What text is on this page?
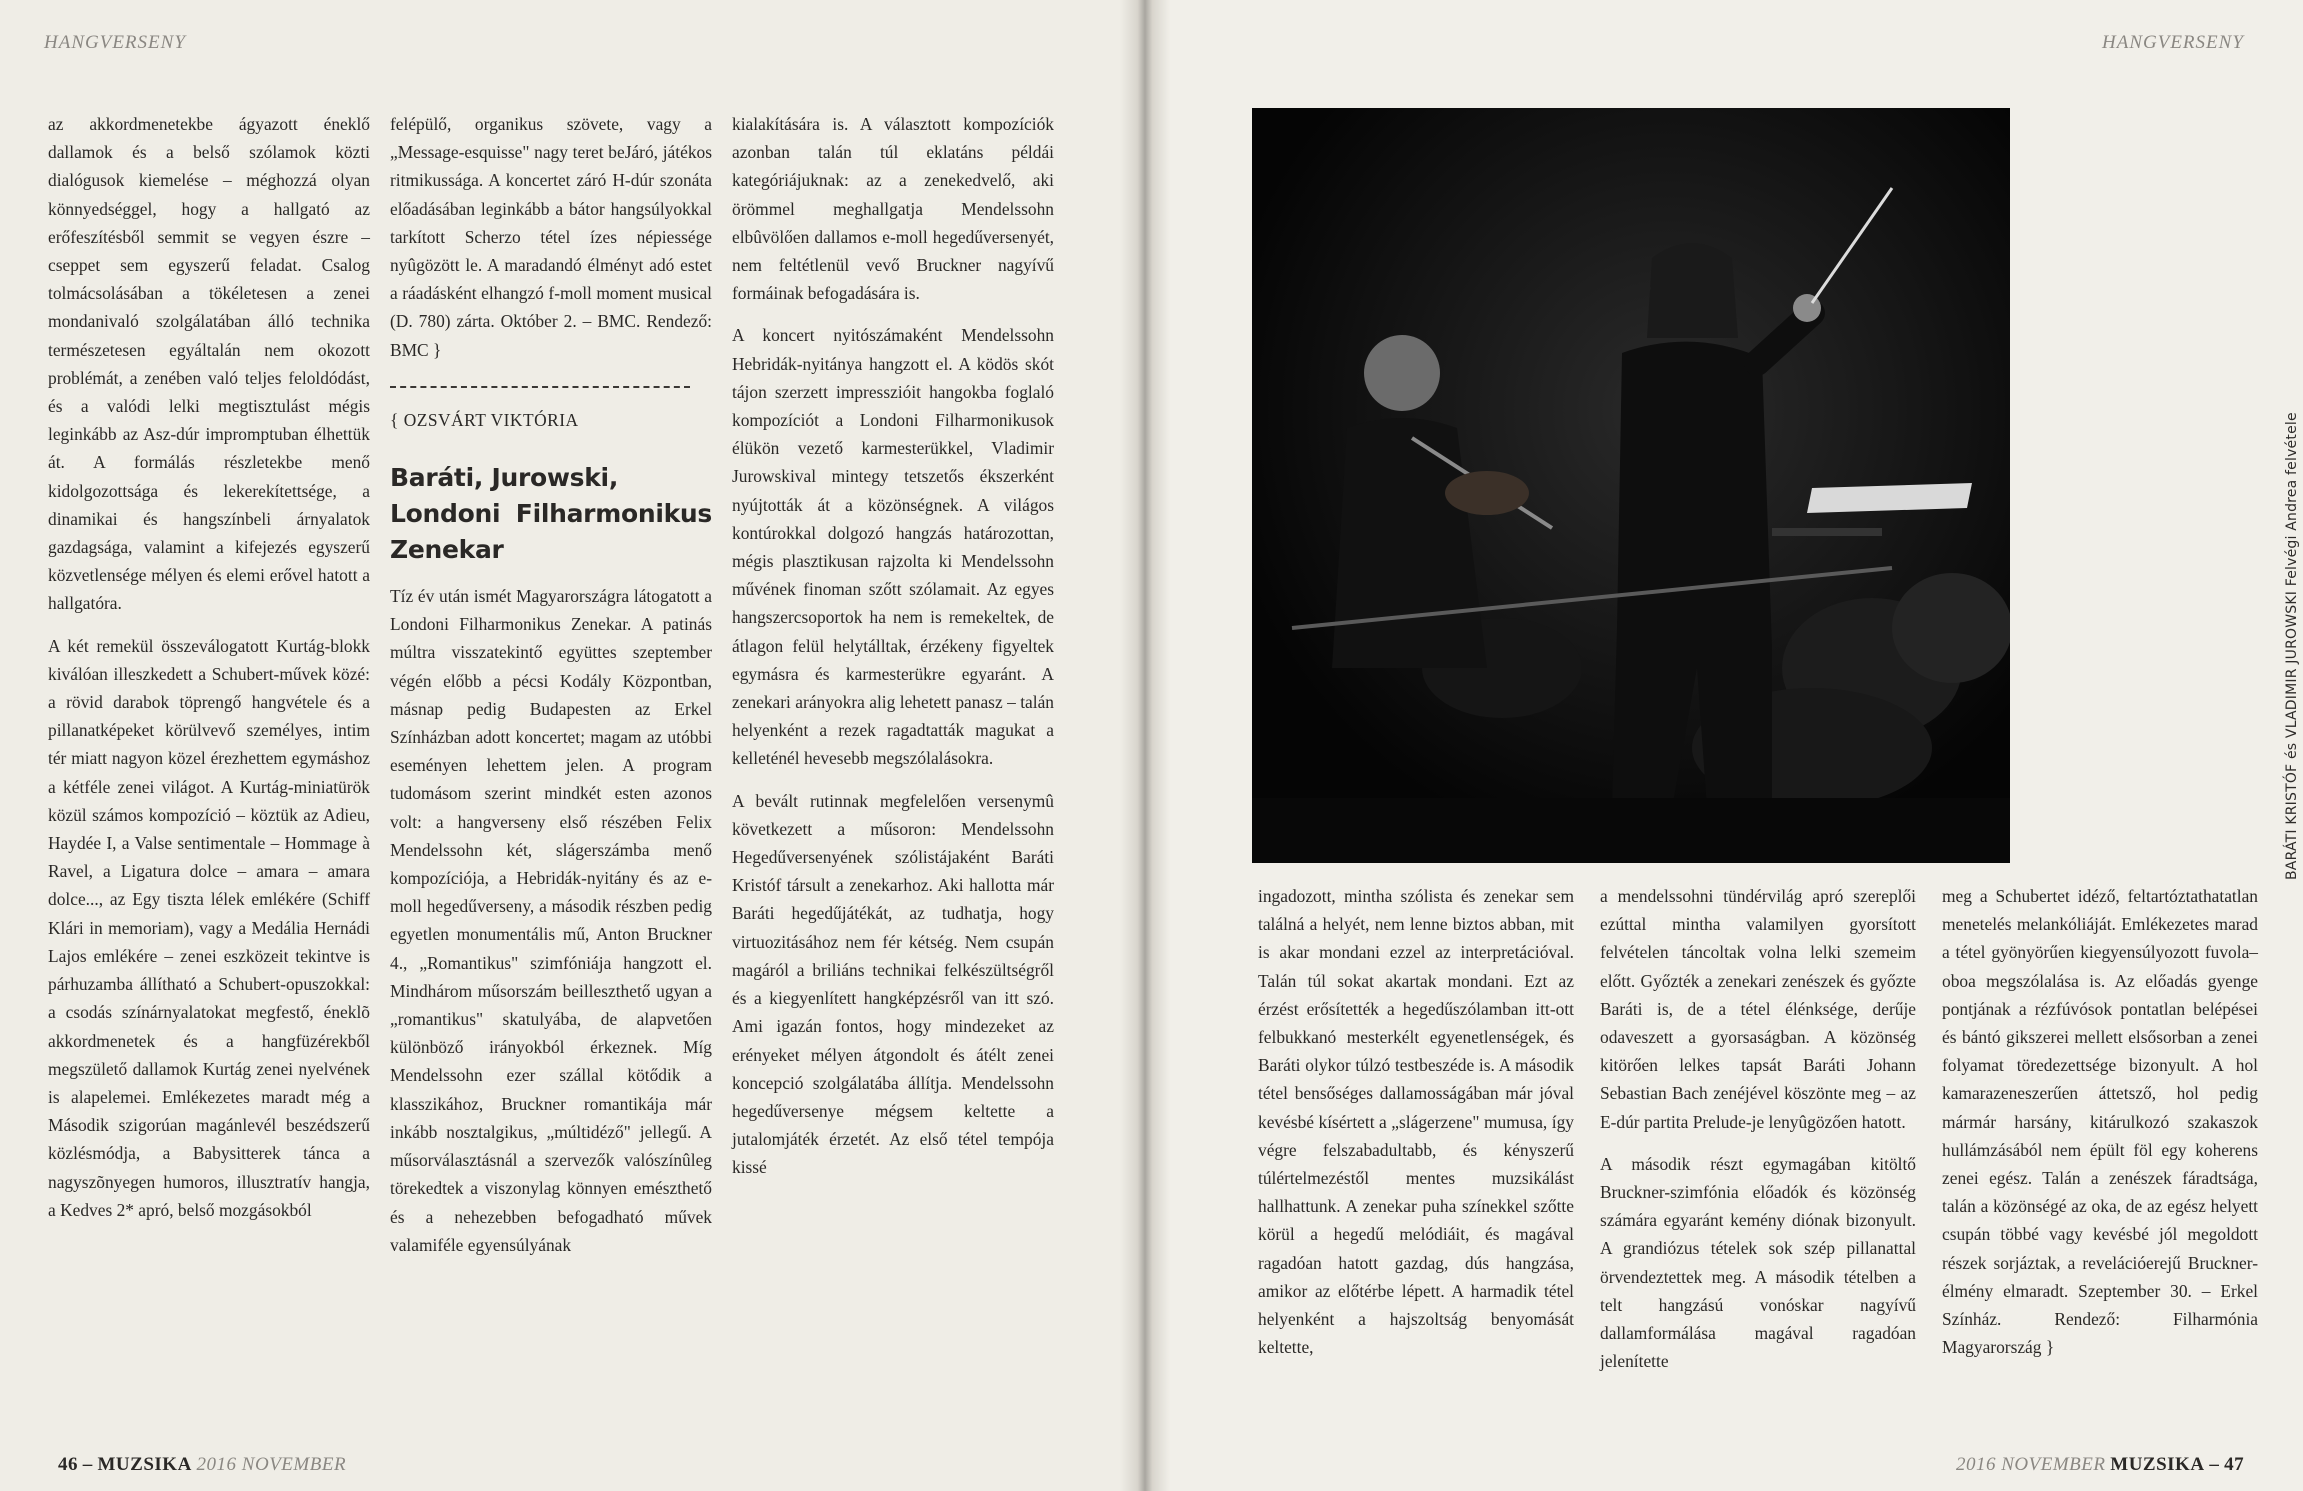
HANGVERSENY

az akkordmenetekbe ágyazott éneklő dallamok és a belső szólamok közti dialógusok kiemelése – méghozzá olyan könnyedséggel, hogy a hallgató az erőfeszítésből semmit se vegyen észre – cseppet sem egyszerű feladat. Csalog tolmácsolásában a tökéletesen a zenei mondanivaló szolgálatában álló technika természetesen egyáltalán nem okozott problémát, a zenében való teljes feloldódást, és a valódi lelki megtisztulást mégis leginkább az Asz-dúr impromptuban élhettük át. A formálás részletekbe menő kidolgozottsága és lekerekítettsége, a dinamikai és hangszínbeli árnyalatok gazdagsága, valamint a kifejezés egyszerű közvetlensége mélyen és elemi erővel hatott a hallgatóra.

A két remekül összeválogatott Kurtág-blokk kiválóan illeszkedett a Schubert-művek közé: a rövid darabok töprengő hangvétele és a pillanatképeket körülvevő személyes, intim tér miatt nagyon közel érezhettem egymáshoz a kétféle zenei világot. A Kurtág-miniatürök közül számos kompozíció – köztük az Adieu, Haydée I, a Valse sentimentale – Hommage à Ravel, a Ligatura dolce – amara – amara dolce..., az Egy tiszta lélek emlékére (Schiff Klári in memoriam), vagy a Medália Hernádi Lajos emlékére – zenei eszközeit tekintve is párhuzamba állítható a Schubert-opuszokkal: a csodás színárnyalatokat megfestő, éneklõ akkordmenetek és a hangfüzérekből megszülető dallamok Kurtág zenei nyelvének is alapelemei. Emlékezetes maradt még a Második szigorúan magánlevél beszédszerű közlésmódja, a Babysitterek tánca a nagyszõnyegen humoros, illusztratív hangja, a Kedves 2* apró, belső mozgásokból

felépülő, organikus szövete, vagy a „Message-esquisse" nagy teret beJáró, játékos ritmikussága. A koncertet záró H-dúr szonáta előadásában leginkább a bátor hangsúlyokkal tarkított Scherzo tétel ízes népiessége nyûgözött le. A maradandó élményt adó estet a ráadásként elhangzó f-moll moment musical (D. 780) zárta. Október 2. – BMC. Rendező: BMC }

{ OZSVÁRT VIKTÓRIA

Baráti, Jurowski,
Londoni Filharmonikus Zenekar

Tíz év után ismét Magyarországra látogatott a Londoni Filharmonikus Zenekar. A patinás múltra visszatekintő együttes szeptember végén előbb a pécsi Kodály Központban, másnap pedig Budapesten az Erkel Színházban adott koncertet; magam az utóbbi eseményen lehettem jelen. A program tudomásom szerint mindkét esten azonos volt: a hangverseny első részében Felix Mendelssohn két, slágerszámba menő kompozíciója, a Hebridák-nyitány és az e-moll hegedűverseny, a második részben pedig egyetlen monumentális mű, Anton Bruckner 4., „Romantikus" szimfóniája hangzott el. Mindhárom műsorszám beilleszthető ugyan a „romantikus" skatulyába, de alapvetően különböző irányokból érkeznek. Míg Mendelssohn ezer szállal kötődik a klasszikához, Bruckner romantikája már inkább nosztalgikus, „múltidéző" jellegű. A műsorválasztásnál a szervezők valószínûleg törekedtek a viszonylag könnyen emészthető és a nehezebben befogadható művek valamiféle egyensúlyának

kialakítására is. A választott kompozíciók azonban talán túl eklatáns példái kategóriájuknak: az a zenekedvelő, aki örömmel meghallgatja Mendelssohn elbûvölően dallamos e-moll hegedűversenyét, nem feltétlenül vevő Bruckner nagyívű formáinak befogadására is.

A koncert nyitószámaként Mendelssohn Hebridák-nyitánya hangzott el. A ködös skót tájon szerzett impresszióit hangokba foglaló kompozíciót a Londoni Filharmonikusok élükön vezető karmesterükkel, Vladimir Jurowskival mintegy tetszetős ékszerként nyújtották át a közönségnek. A világos kontúrokkal dolgozó hangzás határozottan, mégis plasztikusan rajzolta ki Mendelssohn művének finoman szőtt szólamait. Az egyes hangszercsoportok ha nem is remekeltek, de átlagon felül helytálltak, érzékeny figyeltek egymásra és karmesterükre egyaránt. A zenekari arányokra alig lehetett panasz – talán helyenként a rezek ragadtatták magukat a kelleténél hevesebb megszólalásokra.

A bevált rutinnak megfelelően versenymû következett a műsoron: Mendelssohn Hegedűversenyének szólistájaként Baráti Kristóf társult a zenekarhoz. Aki hallotta már Baráti hegedűjátékát, az tudhatja, hogy virtuozitásához nem fér kétség. Nem csupán magáról a briliáns technikai felkészültségről és a kiegyenlített hangképzésről van itt szó. Ami igazán fontos, hogy mindezeket az erényeket mélyen átgondolt és átélt zenei koncepció szolgálatába állítja. Mendelssohn hegedűversenye mégsem keltette a jutalomjáték érzetét. Az első tétel tempója kissé

46 – MUZSIKA 2016 NOVEMBER
HANGVERSENY
BARÁTI KRISTÓF és VLADIMIR JUROWSKI Felvégi Andrea felvétele

ingadozott, mintha szólista és zenekar sem találná a helyét, nem lenne biztos abban, mit is akar mondani ezzel az interpretációval. Talán túl sokat akartak mondani. Ezt az érzést erősítették a hegedűszólamban itt-ott felbukkanó mesterkélt egyenetlenségek, és Baráti olykor túlzó testbeszéde is. A második tétel bensőséges dallamosságában már jóval kevésbé kísértett a „slágerzene" mumusa, így végre felszabadultabb, és kényszerű túlértelmezéstől mentes muzsikálást hallhattunk. A zenekar puha színekkel szőtte körül a hegedű melódiáit, és magával ragadóan hatott gazdag, dús hangzása, amikor az előtérbe lépett. A harmadik tétel helyenként a hajszoltság benyomását keltette,

a mendelssohni tündérvilág apró szereplői ezúttal mintha valamilyen gyorsított felvételen táncoltak volna lelki szemeim előtt. Győzték a zenekari zenészek és győzte Baráti is, de a tétel élénksége, derűje odaveszett a gyorsaságban. A közönség kitörően lelkes tapsát Baráti Johann Sebastian Bach zenéjével köszönte meg – az E-dúr partita Prelude-je lenyûgözően hatott.

A második részt egymagában kitöltő Bruckner-szimfónia előadók és közönség számára egyaránt kemény diónak bizonyult. A grandiózus tételek sok szép pillanattal örvendeztettek meg. A második tételben a telt hangzású vonóskar nagyívű dallamformálása magával ragadóan jelenítette

meg a Schubertet idéző, feltartóztathatatlan menetelés melankóliáját. Emlékezetes marad a tétel gyönyörűen kiegyensúlyozott fuvola–oboa megszólalása is. Az előadás gyenge pontjának a rézfúvósok pontatlan belépései és bántó gikszerei mellett elsősorban a zenei folyamat töredezettsége bizonyult. A hol kamarazeneszerűen áttetsző, hol pedig mármár harsány, kitárulkozó szakaszok hullámzásából nem épült föl egy koherens zenei egész. Talán a zenészek fáradtsága, talán a közönségé az oka, de az egész helyett csupán többé vagy kevésbé jól megoldott részek sorjáztak, a revelációerejű Bruckner-élmény elmaradt. Szeptember 30. – Erkel Színház. Rendező: Filharmónia Magyarország }

2016 NOVEMBER MUZSIKA – 47
